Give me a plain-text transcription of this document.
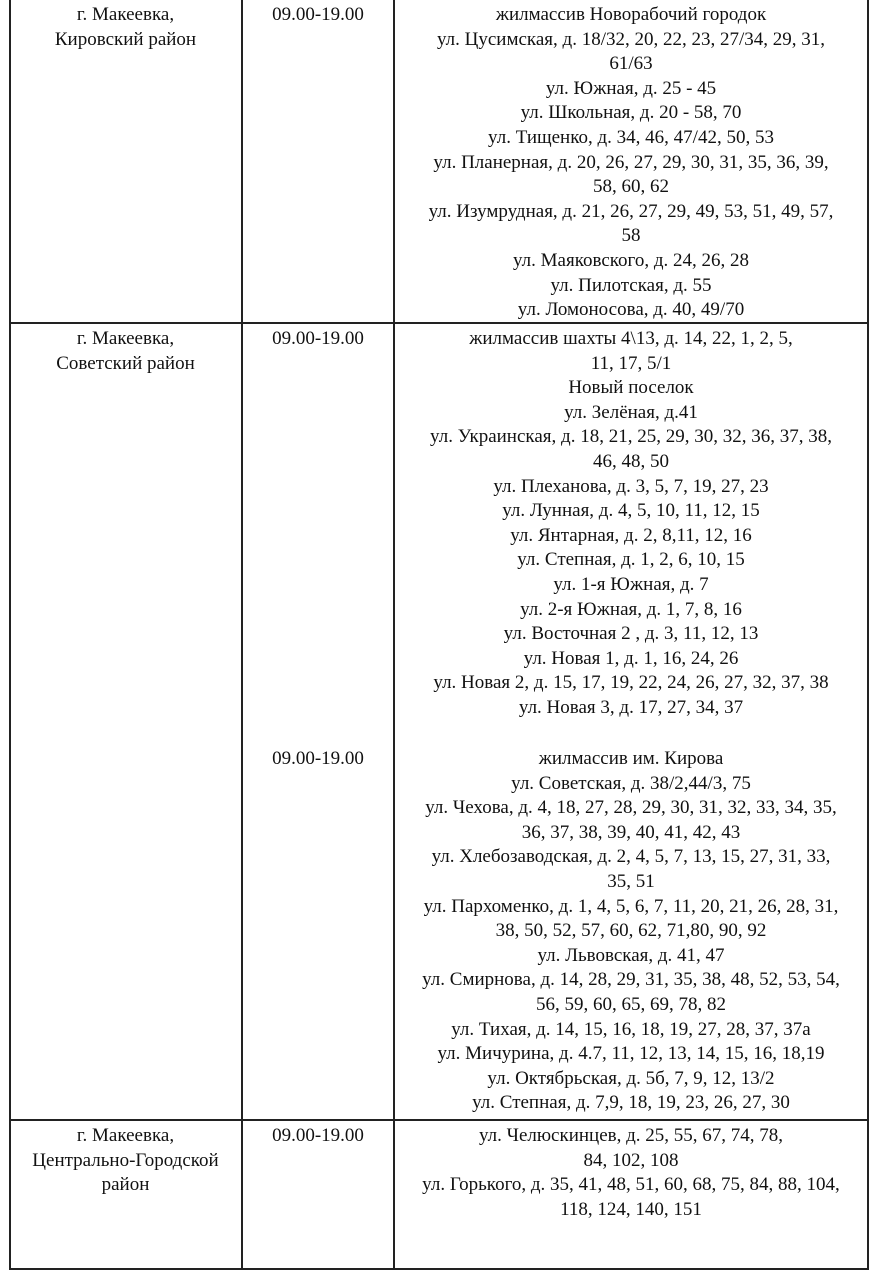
г. Макеевка,
Кировский район
09.00-19.00	жилмассив Новорабочий городок
ул. Цусимская, д. 18/32, 20, 22, 23, 27/34, 29, 31,
61/63
ул. Южная, д. 25 - 45
ул. Школьная, д. 20 - 58, 70
ул. Тищенко, д. 34, 46, 47/42, 50, 53
ул. Планерная, д. 20, 26, 27, 29, 30, 31, 35, 36, 39,
58, 60, 62
ул. Изумрудная, д. 21, 26, 27, 29, 49, 53, 51, 49, 57,
58
ул. Маяковского, д. 24, 26, 28
ул. Пилотская, д. 55
ул. Ломоносова, д. 40, 49/70
г. Макеевка,
Советский район
09.00-19.00	жилмассив шахты 4\13, д. 14, 22, 1, 2, 5,
11, 17, 5/1
Новый поселок
ул. Зелёная, д.41
ул. Украинская, д. 18, 21, 25, 29, 30, 32, 36, 37, 38,
46, 48, 50
ул. Плеханова, д. 3, 5, 7, 19, 27, 23
ул. Лунная, д. 4, 5, 10, 11, 12, 15
ул. Янтарная, д. 2, 8,11, 12, 16
ул. Степная, д. 1, 2, 6, 10, 15
ул. 1-я Южная, д. 7
ул. 2-я Южная, д. 1, 7, 8, 16
ул. Восточная 2 , д. 3, 11, 12, 13
ул. Новая 1, д. 1, 16, 24, 26
ул. Новая 2, д. 15, 17, 19, 22, 24, 26, 27, 32, 37, 38
ул. Новая 3, д. 17, 27, 34, 37
09.00-19.00	жилмассив им. Кирова
ул. Советская, д. 38/2,44/3, 75
ул. Чехова, д. 4, 18, 27, 28, 29, 30, 31, 32, 33, 34, 35,
36, 37, 38, 39, 40, 41, 42, 43
ул. Хлебозаводская, д. 2, 4, 5, 7, 13, 15, 27, 31, 33,
35, 51
ул. Пархоменко, д. 1, 4, 5, 6, 7, 11, 20, 21, 26, 28, 31,
38, 50, 52, 57, 60, 62, 71,80, 90, 92
ул. Львовская, д. 41, 47
ул. Смирнова, д. 14, 28, 29, 31, 35, 38, 48, 52, 53, 54,
56, 59, 60, 65, 69, 78, 82
ул. Тихая, д. 14, 15, 16, 18, 19, 27, 28, 37, 37а
ул. Мичурина, д. 4.7, 11, 12, 13, 14, 15, 16, 18,19
ул. Октябрьская, д. 5б, 7, 9, 12, 13/2
ул. Степная, д. 7,9, 18, 19, 23, 26, 27, 30
г. Макеевка,
Центрально-Городской
район
09.00-19.00	ул. Челюскинцев, д. 25, 55, 67, 74, 78,
84, 102, 108
ул. Горького, д. 35, 41, 48, 51, 60, 68, 75, 84, 88, 104,
118, 124, 140, 151
